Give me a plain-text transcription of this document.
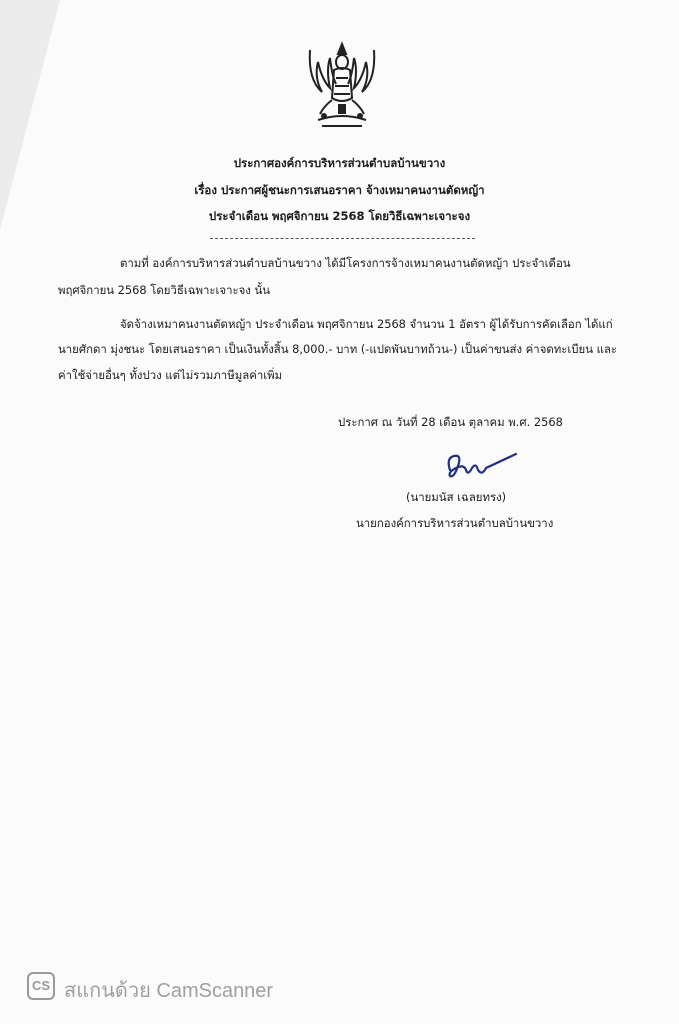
ประกาศองค์การบริหารส่วนตำบลบ้านขวาง
เรื่อง ประกาศผู้ชนะการเสนอราคา จ้างเหมาคนงานตัดหญ้า
ประจำเดือน พฤศจิกายน 2568 โดยวิธีเฉพาะเจาะจง
ตามที่ องค์การบริหารส่วนตำบลบ้านขวาง ได้มีโครงการจ้างเหมาคนงานตัดหญ้า ประจำเดือน
พฤศจิกายน 2568 โดยวิธีเฉพาะเจาะจง นั้น
จัดจ้างเหมาคนงานตัดหญ้า ประจำเดือน พฤศจิกายน 2568 จำนวน 1 อัตรา ผู้ได้รับการคัดเลือก ได้แก่
นายศักดา มุ่งชนะ โดยเสนอราคา เป็นเงินทั้งสิ้น 8,000.- บาท (-แปดพันบาทถ้วน-) เป็นค่าขนส่ง ค่าจดทะเบียน และ
ค่าใช้จ่ายอื่นๆ ทั้งปวง แต่ไม่รวมภาษีมูลค่าเพิ่ม
ประกาศ ณ วันที่ 28 เดือน ตุลาคม พ.ศ. 2568
(นายมนัส เฉลยทรง)
นายกองค์การบริหารส่วนตำบลบ้านขวาง
CS สแกนด้วย CamScanner
